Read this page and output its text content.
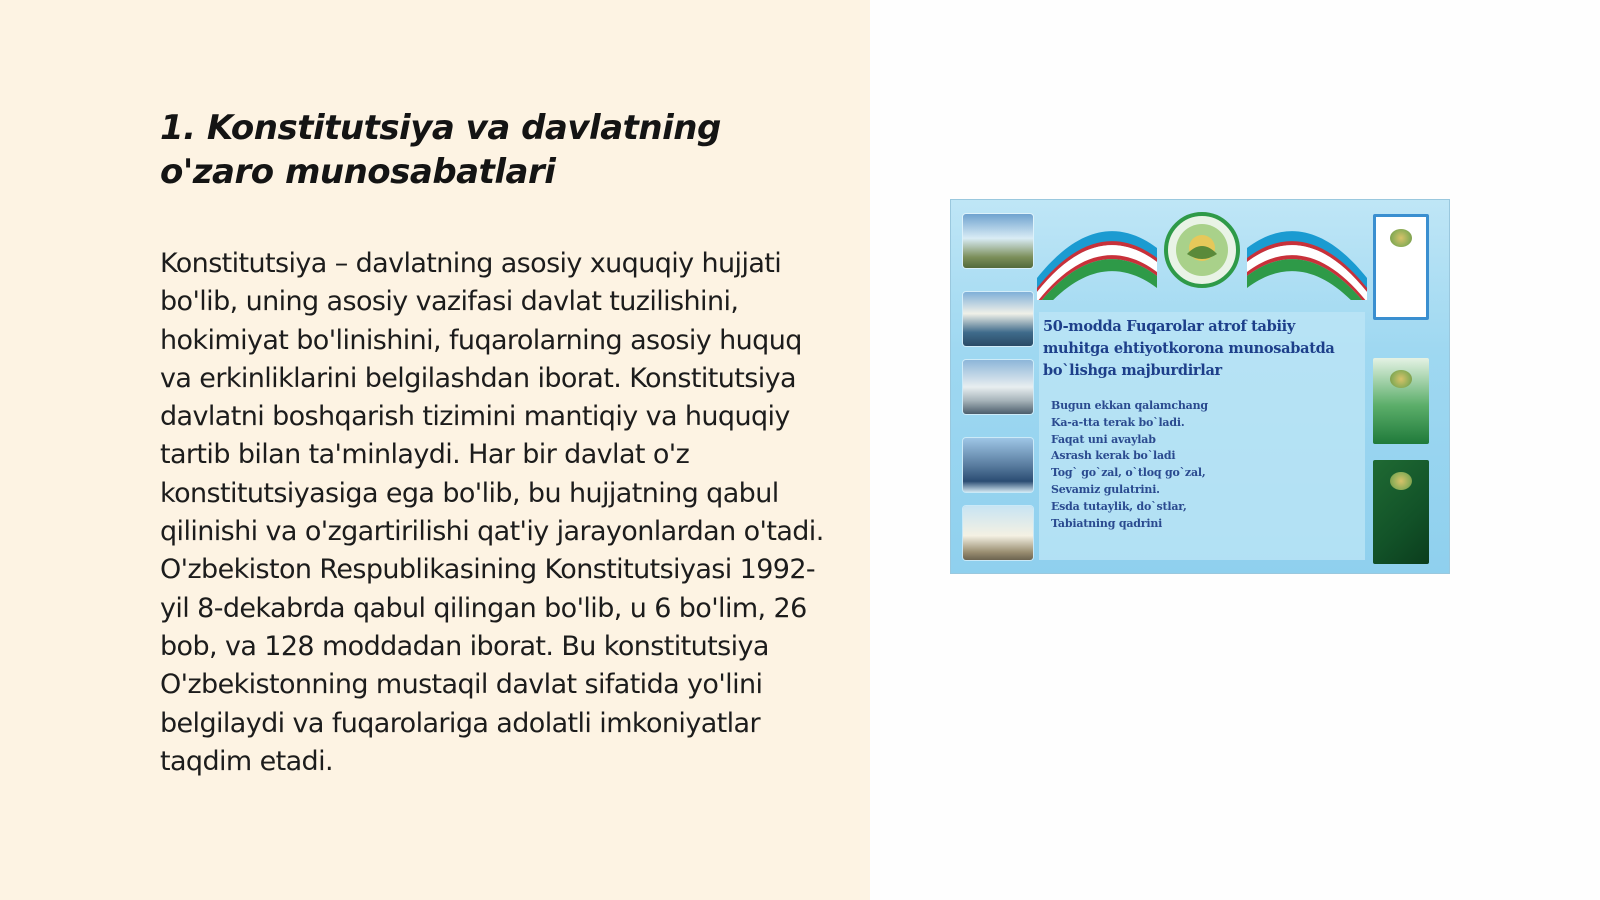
1. Konstitutsiya va davlatning o'zaro munosabatlari

Konstitutsiya – davlatning asosiy xuquqiy hujjati bo'lib, uning asosiy vazifasi davlat tuzilishini, hokimiyat bo'linishini, fuqarolarning asosiy huquq va erkinliklarini belgilashdan iborat. Konstitutsiya davlatni boshqarish tizimini mantiqiy va huquqiy tartib bilan ta'minlaydi. Har bir davlat o'z konstitutsiyasiga ega bo'lib, bu hujjatning qabul qilinishi va o'zgartirilishi qat'iy jarayonlardan o'tadi. O'zbekiston Respublikasining Konstitutsiyasi 1992-yil 8-dekabrda qabul qilingan bo'lib, u 6 bo'lim, 26 bob, va 128 moddadan iborat. Bu konstitutsiya O'zbekistonning mustaqil davlat sifatida yo'lini belgilaydi va fuqarolariga adolatli imkoniyatlar taqdim etadi.

50-modda Fuqarolar atrof tabiiy muhitga ehtiyotkorona munosabatda bo`lishga majburdirlar
Bugun ekkan qalamchang
Ka-a-tta terak bo`ladi.
Faqat uni avaylab
Asrash kerak bo`ladi
Tog` go`zal, o`tloq go`zal,
Sevamiz gulatrini.
Esda tutaylik, do`stlar,
Tabiatning qadrini
